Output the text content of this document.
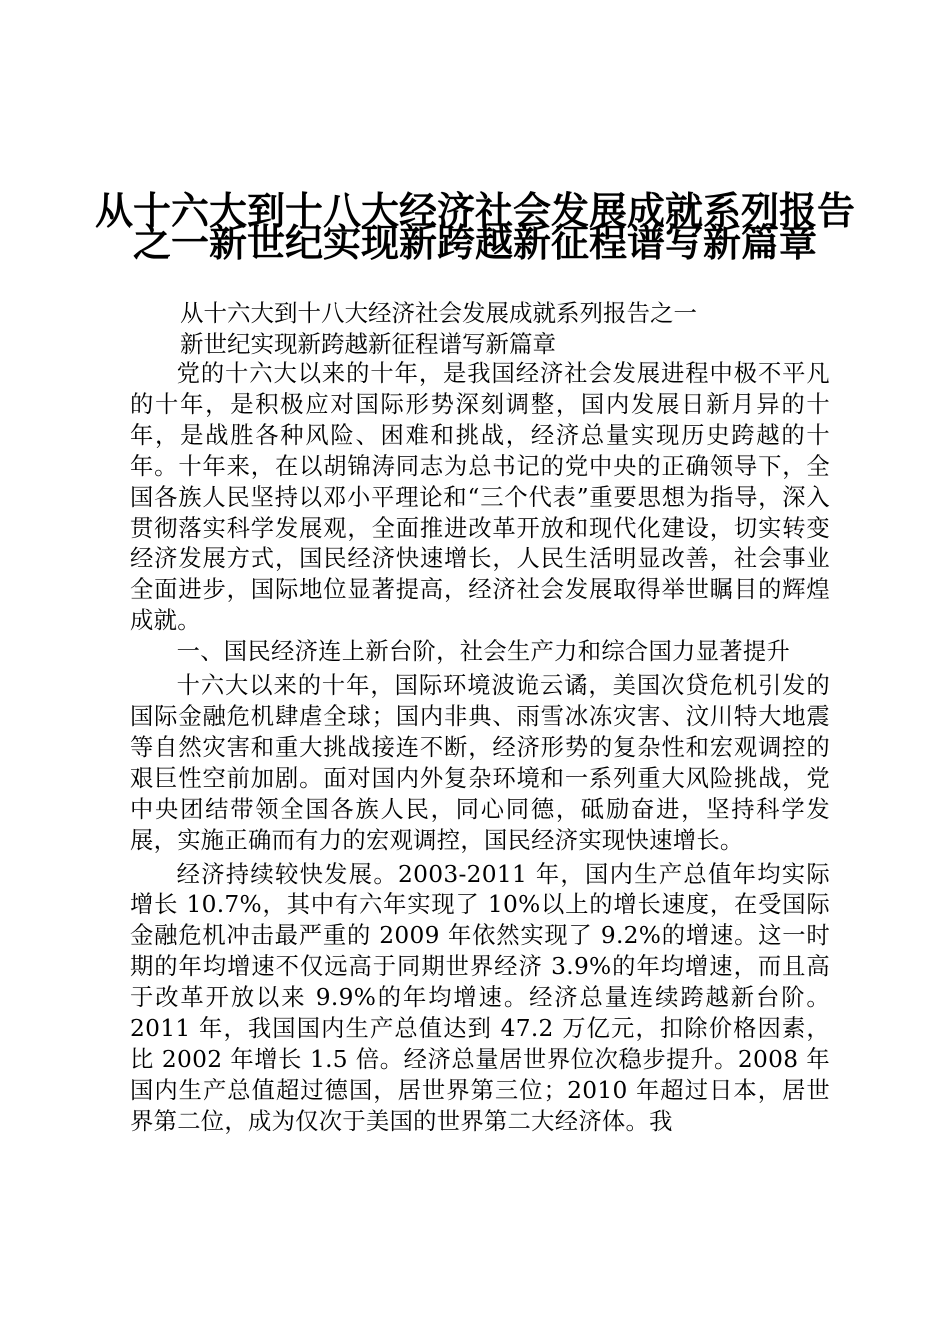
从十六大到十八大经济社会发展成就系列报告
之一新世纪实现新跨越新征程谱写新篇章
从十六大到十八大经济社会发展成就系列报告之一
新世纪实现新跨越新征程谱写新篇章

党的十六大以来的十年，是我国经济社会发展进程中极不平凡的十年，是积极应对国际形势深刻调整，国内发展日新月异的十年，是战胜各种风险、困难和挑战，经济总量实现历史跨越的十年。十年来，在以胡锦涛同志为总书记的党中央的正确领导下，全国各族人民坚持以邓小平理论和“三个代表”重要思想为指导，深入贯彻落实科学发展观，全面推进改革开放和现代化建设，切实转变经济发展方式，国民经济快速增长，人民生活明显改善，社会事业全面进步，国际地位显著提高，经济社会发展取得举世瞩目的辉煌成就。

一、国民经济连上新台阶，社会生产力和综合国力显著提升

十六大以来的十年，国际环境波诡云谲，美国次贷危机引发的国际金融危机肆虐全球；国内非典、雨雪冰冻灾害、汶川特大地震等自然灾害和重大挑战接连不断，经济形势的复杂性和宏观调控的艰巨性空前加剧。面对国内外复杂环境和一系列重大风险挑战，党中央团结带领全国各族人民，同心同德，砥励奋进，坚持科学发展，实施正确而有力的宏观调控，国民经济实现快速增长。

经济持续较快发展。2003-2011 年，国内生产总值年均实际增长 10.7%，其中有六年实现了 10%以上的增长速度，在受国际金融危机冲击最严重的 2009 年依然实现了 9.2%的增速。这一时期的年均增速不仅远高于同期世界经济 3.9%的年均增速，而且高于改革开放以来 9.9%的年均增速。经济总量连续跨越新台阶。2011 年，我国国内生产总值达到 47.2 万亿元，扣除价格因素，比 2002 年增长 1.5 倍。经济总量居世界位次稳步提升。2008 年国内生产总值超过德国，居世界第三位；2010 年超过日本，居世界第二位，成为仅次于美国的世界第二大经济体。我
